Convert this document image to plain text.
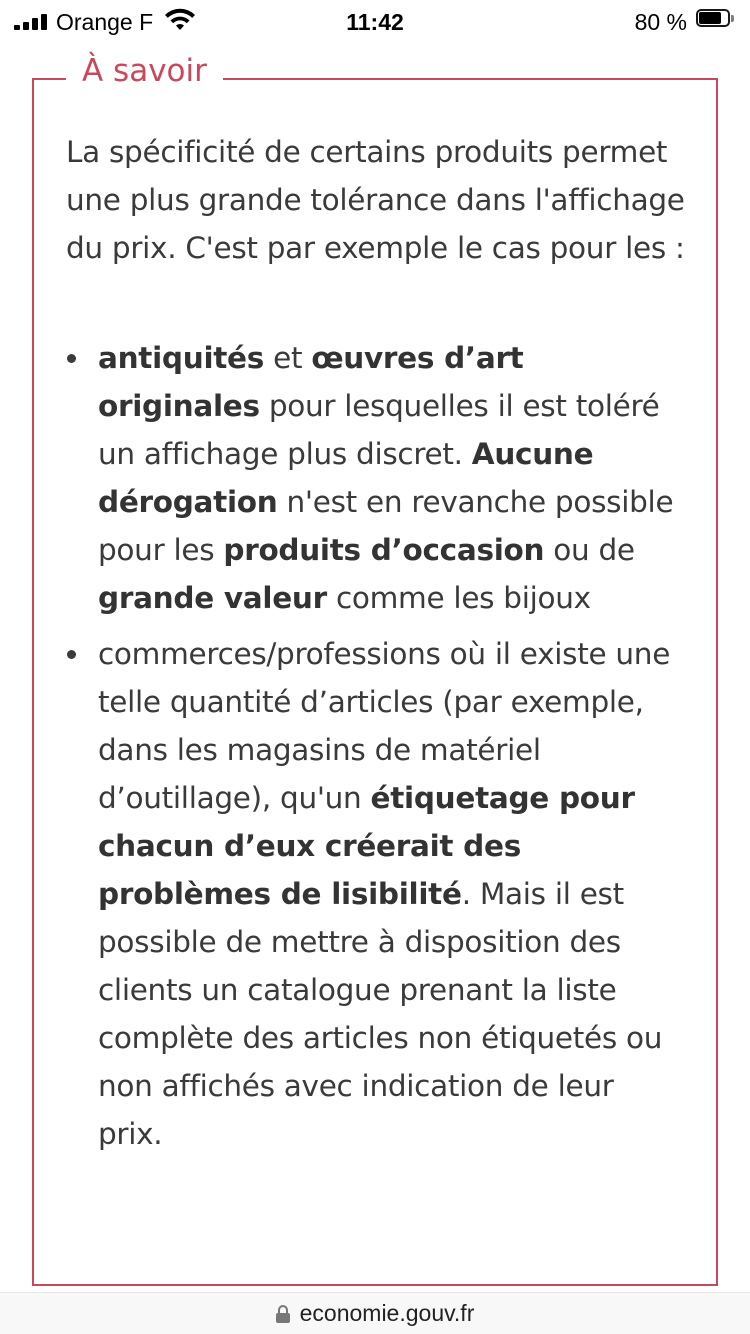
Orange F	11:42	80 %
À savoir

La spécificité de certains produits permet une plus grande tolérance dans l'affichage du prix. C'est par exemple le cas pour les :

antiquités et œuvres d’art originales pour lesquelles il est toléré un affichage plus discret. Aucune dérogation n'est en revanche possible pour les produits d’occasion ou de grande valeur comme les bijoux
commerces/professions où il existe une telle quantité d’articles (par exemple, dans les magasins de matériel d’outillage), qu'un étiquetage pour chacun d’eux créerait des problèmes de lisibilité. Mais il est possible de mettre à disposition des clients un catalogue prenant la liste complète des articles non étiquetés ou non affichés avec indication de leur prix.
economie.gouv.fr
